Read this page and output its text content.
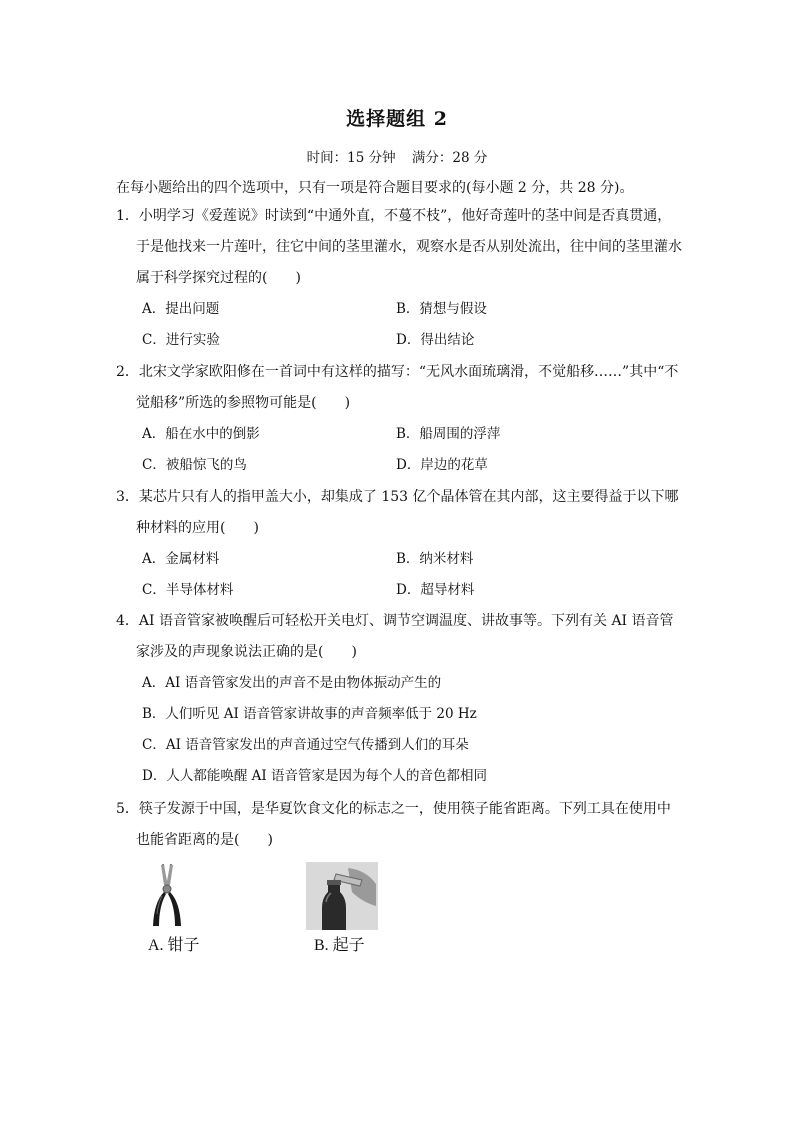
选择题组 2
时间：15 分钟 满分：28 分
在每小题给出的四个选项中，只有一项是符合题目要求的(每小题 2 分，共 28 分)。
1．小明学习《爱莲说》时读到“中通外直，不蔓不枝”，他好奇莲叶的茎中间是否真贯通，于是他找来一片莲叶，往它中间的茎里灌水，观察水是否从别处流出，往中间的茎里灌水属于科学探究过程的(　　)
A．提出问题	B．猜想与假设
C．进行实验	D．得出结论
2．北宋文学家欧阳修在一首词中有这样的描写：“无风水面琉璃滑，不觉船移……”其中“不觉船移”所选的参照物可能是(　　)
A．船在水中的倒影	B．船周围的浮萍
C．被船惊飞的鸟	D．岸边的花草
3．某芯片只有人的指甲盖大小，却集成了 153 亿个晶体管在其内部，这主要得益于以下哪种材料的应用(　　)
A．金属材料	B．纳米材料
C．半导体材料	D．超导材料
4．AI 语音管家被唤醒后可轻松开关电灯、调节空调温度、讲故事等。下列有关 AI 语音管家涉及的声现象说法正确的是(　　)
A．AI 语音管家发出的声音不是由物体振动产生的
B．人们听见 AI 语音管家讲故事的声音频率低于 20 Hz
C．AI 语音管家发出的声音通过空气传播到人们的耳朵
D．人人都能唤醒 AI 语音管家是因为每个人的音色都相同
5．筷子发源于中国，是华夏饮食文化的标志之一，使用筷子能省距离。下列工具在使用中也能省距离的是(　　)
A. 钳子	B. 起子
